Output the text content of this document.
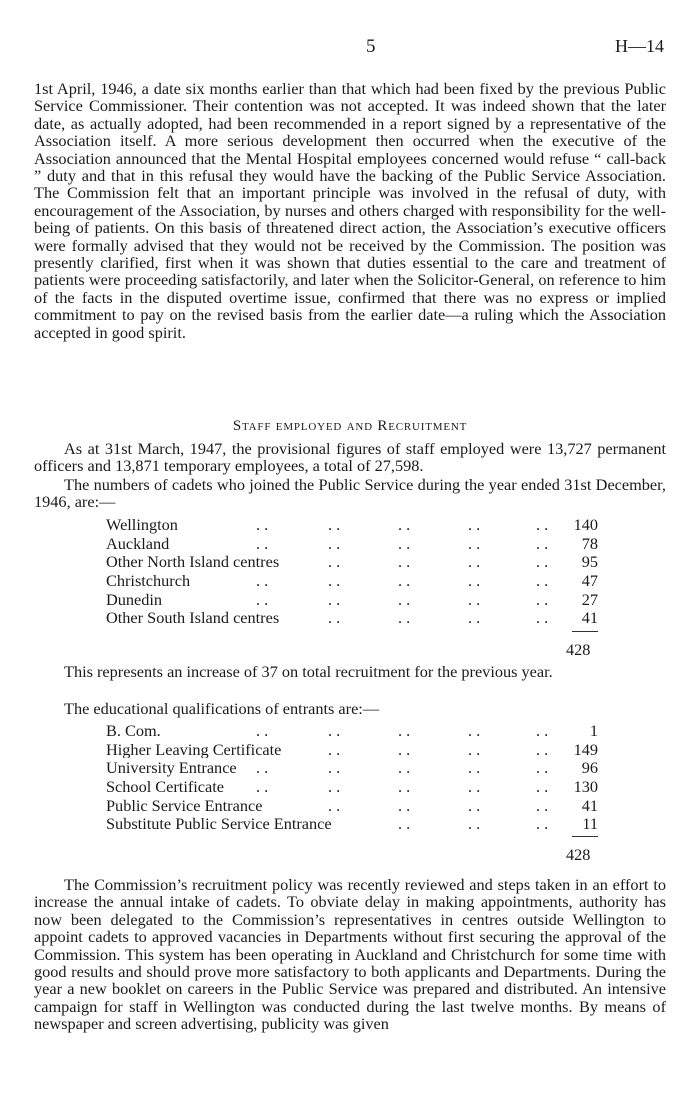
5	H—14

1st April, 1946, a date six months earlier than that which had been fixed by the previous Public Service Commissioner. Their contention was not accepted. It was indeed shown that the later date, as actually adopted, had been recommended in a report signed by a representative of the Association itself. A more serious development then occurred when the executive of the Association announced that the Mental Hospital employees concerned would refuse “ call-back ” duty and that in this refusal they would have the backing of the Public Service Association. The Commission felt that an important principle was involved in the refusal of duty, with encouragement of the Association, by nurses and others charged with responsibility for the well-being of patients. On this basis of threatened direct action, the Association’s executive officers were formally advised that they would not be received by the Commission. The position was presently clarified, first when it was shown that duties essential to the care and treatment of patients were proceeding satisfactorily, and later when the Solicitor-General, on reference to him of the facts in the disputed overtime issue, confirmed that there was no express or implied commitment to pay on the revised basis from the earlier date—a ruling which the Association accepted in good spirit.

Staff employed and Recruitment

As at 31st March, 1947, the provisional figures of staff employed were 13,727 permanent officers and 13,871 temporary employees, a total of 27,598.

The numbers of cadets who joined the Public Service during the year ended 31st December, 1946, are:—

. .	. .	. .	. .	. .
Wellington	140
. .	. .	. .	. .	. .
Auckland	78
. .	. .	. .	. .
Other North Island centres	95
. .	. .	. .	. .	. .
Christchurch	47
. .	. .	. .	. .	. .
Dunedin	27
. .	. .	. .	. .
Other South Island centres	41
428

This represents an increase of 37 on total recruitment for the previous year.

The educational qualifications of entrants are:—

. .	. .	. .	. .	. .
B. Com.	1
. .	. .	. .	. .
Higher Leaving Certificate	149
. .	. .	. .	. .	. .
University Entrance	96
. .	. .	. .	. .	. .
School Certificate	130
. .	. .	. .	. .
Public Service Entrance	41
. .	. .	. .
Substitute Public Service Entrance	11
428

The Commission’s recruitment policy was recently reviewed and steps taken in an effort to increase the annual intake of cadets. To obviate delay in making appointments, authority has now been delegated to the Commission’s representatives in centres outside Wellington to appoint cadets to approved vacancies in Departments without first securing the approval of the Commission. This system has been operating in Auckland and Christchurch for some time with good results and should prove more satisfactory to both applicants and Departments. During the year a new booklet on careers in the Public Service was prepared and distributed. An intensive campaign for staff in Wellington was conducted during the last twelve months. By means of newspaper and screen advertising, publicity was given
